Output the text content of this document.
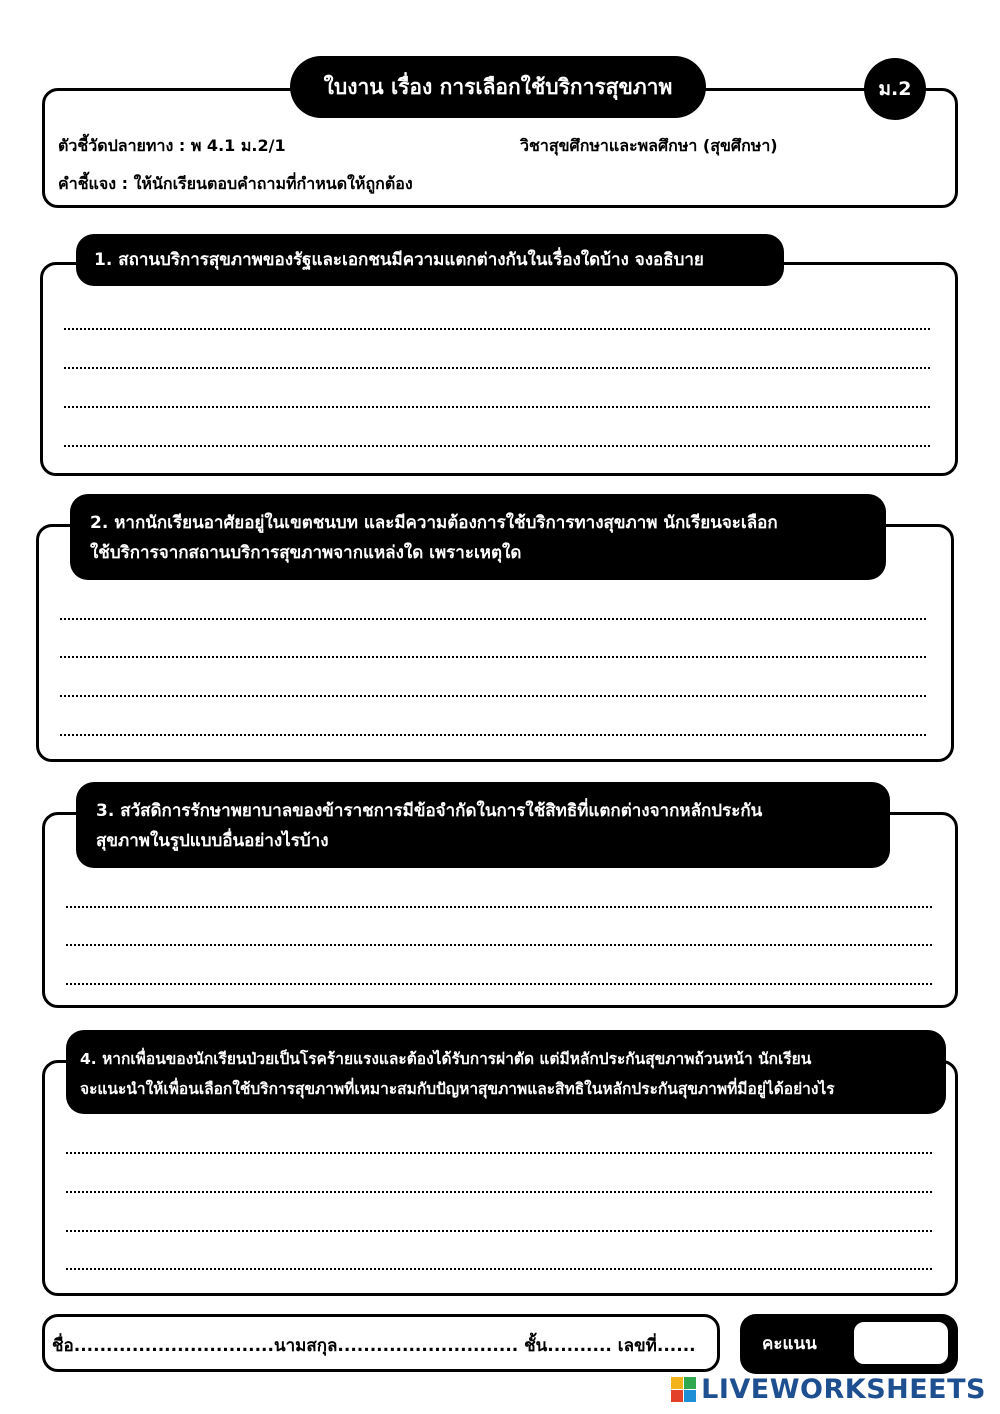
ใบงาน เรื่อง การเลือกใช้บริการสุขภาพ	ม.2
ตัวชี้วัดปลายทาง : พ 4.1 ม.2/1	วิชาสุขศึกษาและพลศึกษา (สุขศึกษา)
คำชี้แจง : ให้นักเรียนตอบคำถามที่กำหนดให้ถูกต้อง
1. สถานบริการสุขภาพของรัฐและเอกชนมีความแตกต่างกันในเรื่องใดบ้าง จงอธิบาย
2. หากนักเรียนอาศัยอยู่ในเขตชนบท และมีความต้องการใช้บริการทางสุขภาพ นักเรียนจะเลือก
ใช้บริการจากสถานบริการสุขภาพจากแหล่งใด เพราะเหตุใด
3. สวัสดิการรักษาพยาบาลของข้าราชการมีข้อจำกัดในการใช้สิทธิที่แตกต่างจากหลักประกัน
สุขภาพในรูปแบบอื่นอย่างไรบ้าง
4. หากเพื่อนของนักเรียนป่วยเป็นโรคร้ายแรงและต้องได้รับการผ่าตัด แต่มีหลักประกันสุขภาพถ้วนหน้า นักเรียน
จะแนะนำให้เพื่อนเลือกใช้บริการสุขภาพที่เหมาะสมกับปัญหาสุขภาพและสิทธิในหลักประกันสุขภาพที่มีอยู่ได้อย่างไร
ชื่อ...............................นามสกุล............................ ชั้น.......... เลขที่......	คะแนน
LIVEWORKSHEETS
